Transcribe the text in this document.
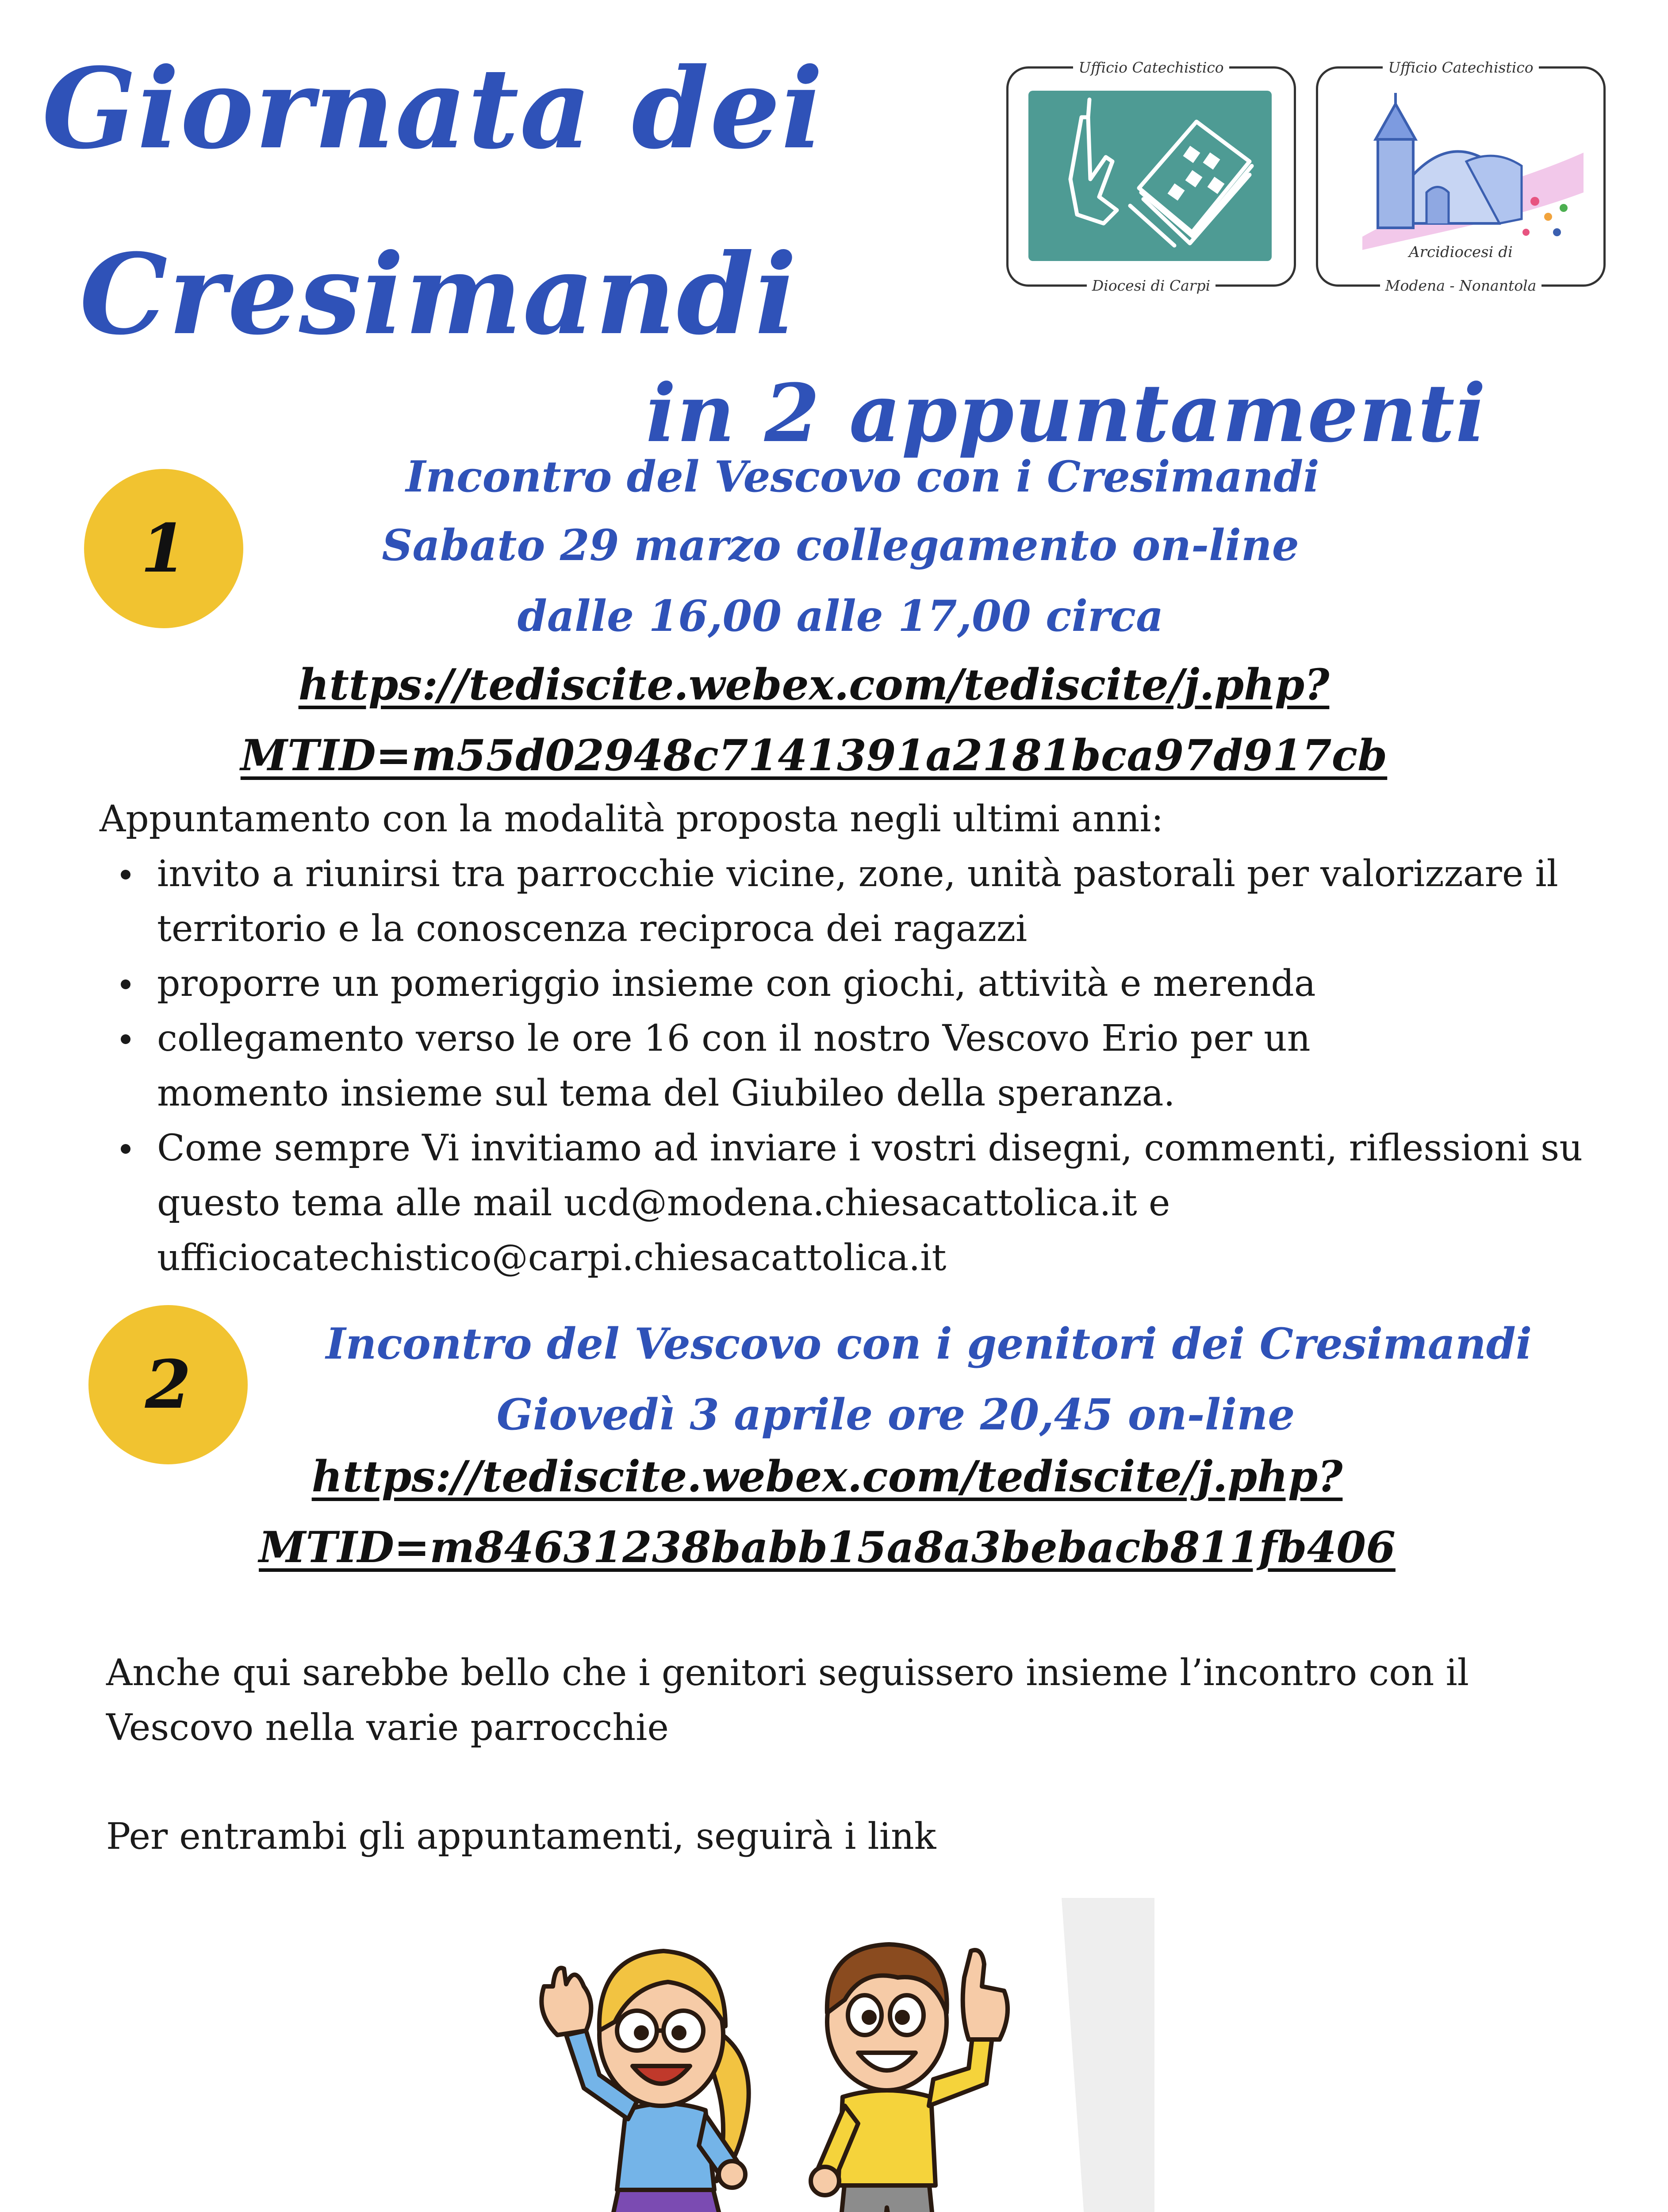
Giornata dei
Cresimandi
in 2 appuntamenti
Ufficio Catechistico
Diocesi di Carpi
Ufficio Catechistico
Arcidiocesi di
Modena - Nonantola
1
Incontro del Vescovo con i Cresimandi
Sabato 29 marzo collegamento on-line
dalle 16,00 alle 17,00 circa
https://tediscite.webex.com/tediscite/j.php?
MTID=m55d02948c7141391a2181bca97d917cb
Appuntamento con la modalità proposta negli ultimi anni:
invito a riunirsi tra parrocchie vicine, zone, unità pastorali per valorizzare il territorio e la conoscenza reciproca dei ragazzi
proporre un pomeriggio insieme con giochi, attività e merenda
collegamento verso le ore 16 con il nostro Vescovo Erio per un momento insieme sul tema del Giubileo della speranza.
Come sempre Vi invitiamo ad inviare i vostri disegni, commenti, riflessioni su questo tema alle mail ucd@modena.chiesacattolica.it e ufficiocatechistico@carpi.chiesacattolica.it
2
Incontro del Vescovo con i genitori dei Cresimandi
Giovedì 3 aprile ore 20,45 on-line
https://tediscite.webex.com/tediscite/j.php?
MTID=m84631238babb15a8a3bebacb811fb406
Anche qui sarebbe bello che i genitori seguissero insieme l’incontro con il Vescovo nella varie parrocchie
Per entrambi gli appuntamenti, seguirà i link
